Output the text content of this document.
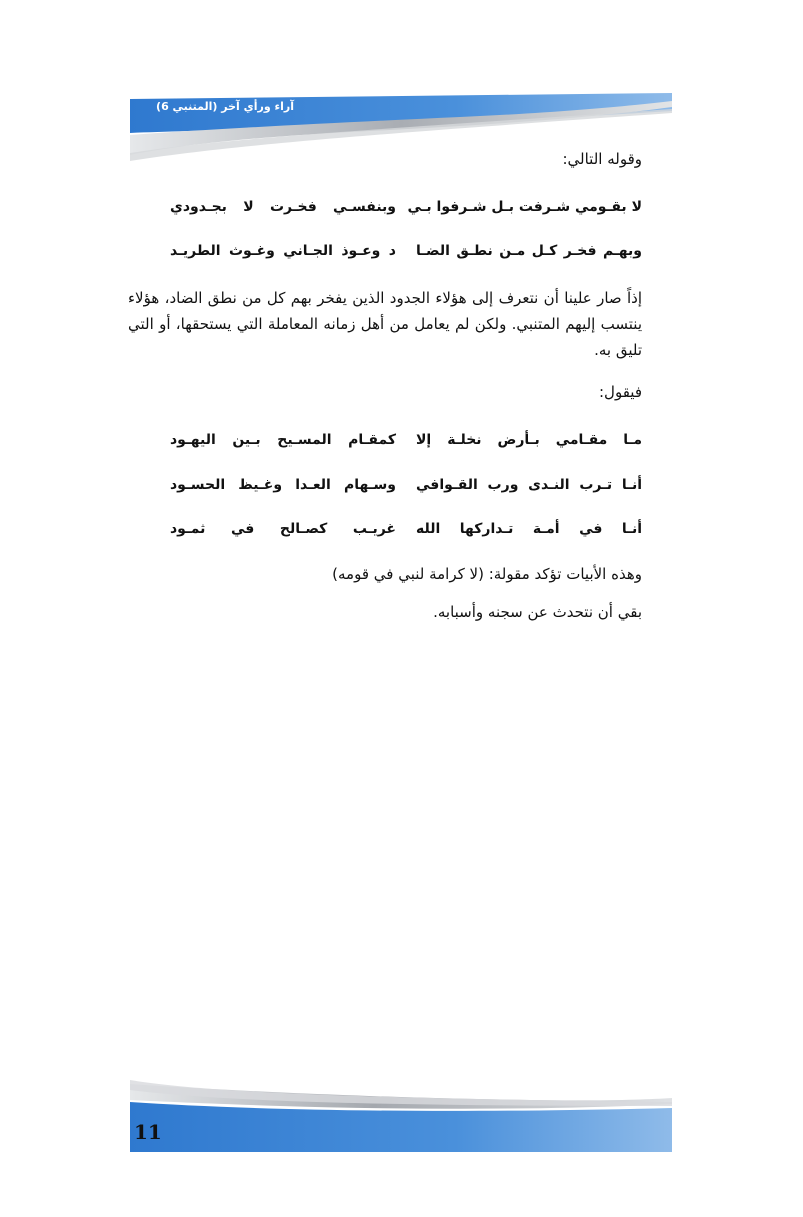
آراء ورأي آخر (المتنبي 6)
وقوله التالي:
لا بقـومي شـرفت بـل شـرفوا بـي
وبنفسـي فخـرت لا بجـدودي
وبهـم فخـر كـل مـن نطـق الضـا
د وعـوذ الجـاني وغـوث الطريـد
إذاً صار علينا أن نتعرف إلى هؤلاء الجدود الذين يفخر بهم كل من نطق الضاد، هؤلاء ينتسب إليهم المتنبي. ولكن لم يعامل من أهل زمانه المعاملة التي يستحقها، أو التي تليق به.
فيقول:
مـا مقـامي بـأرض نخلـة إلا
كمقـام المسـيح بـين اليهـود
أنـا تـرب النـدى ورب القـوافي
وسـهام العـدا وغـيظ الحسـود
أنـا في أمـة تـداركها الله
غريـب كصـالح في ثمـود
وهذه الأبيات تؤكد مقولة: (لا كرامة لنبي في قومه)
بقي أن نتحدث عن سجنه وأسبابه.
11
